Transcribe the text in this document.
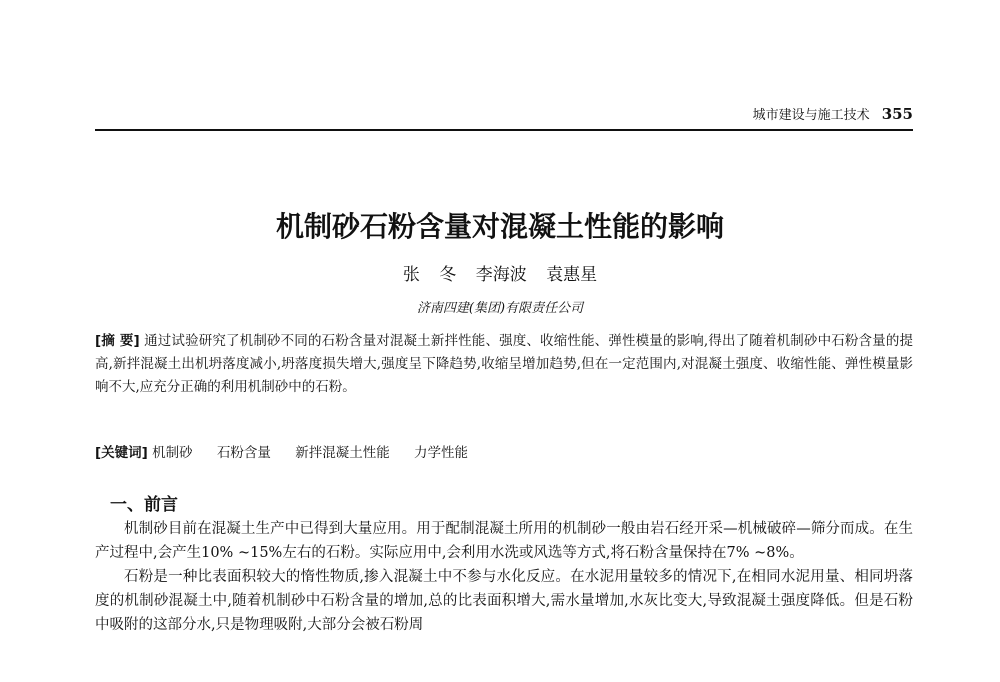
城市建设与施工技术 355
机制砂石粉含量对混凝土性能的影响
张 冬 李海波 袁惠星
济南四建(集团)有限责任公司
[摘 要] 通过试验研究了机制砂不同的石粉含量对混凝土新拌性能、强度、收缩性能、弹性模量的影响,得出了随着机制砂中石粉含量的提高,新拌混凝土出机坍落度减小,坍落度损失增大,强度呈下降趋势,收缩呈增加趋势,但在一定范围内,对混凝土强度、收缩性能、弹性模量影响不大,应充分正确的利用机制砂中的石粉。
[关键词] 机制砂 石粉含量 新拌混凝土性能 力学性能
一、前言

机制砂目前在混凝土生产中已得到大量应用。用于配制混凝土所用的机制砂一般由岩石经开采—机械破碎—筛分而成。在生产过程中,会产生10% ~15%左右的石粉。实际应用中,会利用水洗或风选等方式,将石粉含量保持在7% ~8%。

石粉是一种比表面积较大的惰性物质,掺入混凝土中不参与水化反应。在水泥用量较多的情况下,在相同水泥用量、相同坍落度的机制砂混凝土中,随着机制砂中石粉含量的增加,总的比表面积增大,需水量增加,水灰比变大,导致混凝土强度降低。但是石粉中吸附的这部分水,只是物理吸附,大部分会被石粉周
